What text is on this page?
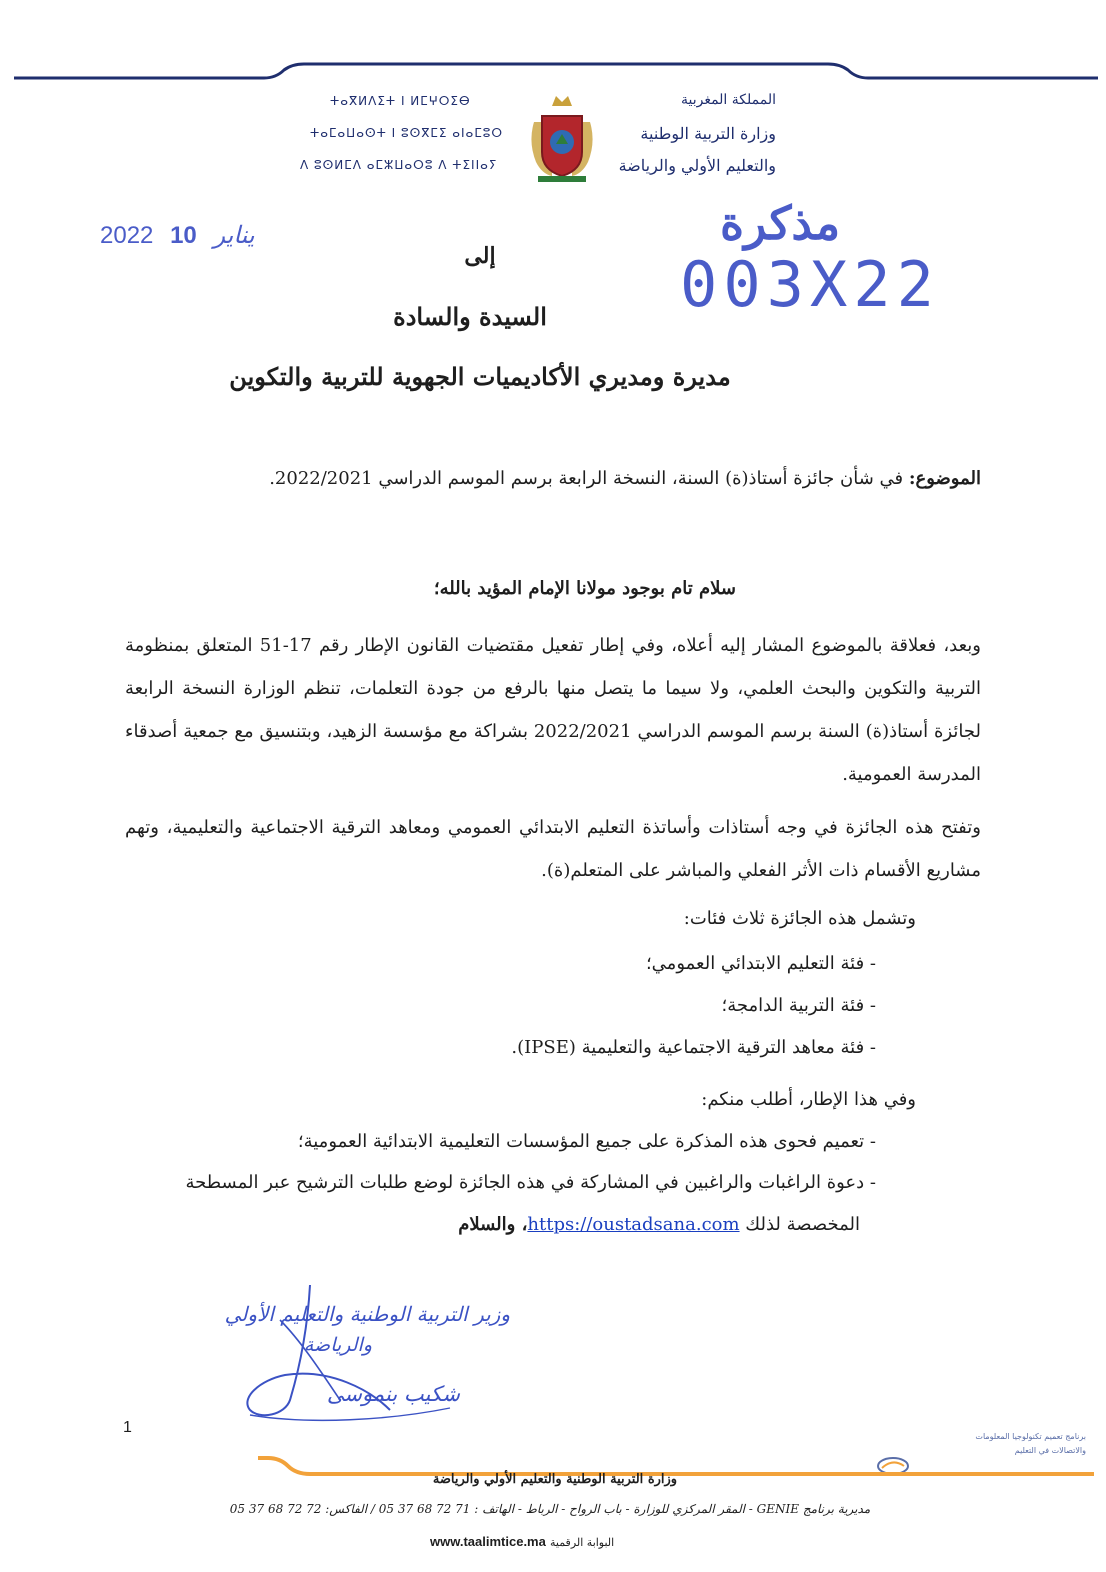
المملكة المغربية
وزارة التربية الوطنية
والتعليم الأولي والرياضة
ⵜⴰⴳⵍⴷⵉⵜ ⵏ ⵍⵎⵖⵔⵉⴱ
ⵜⴰⵎⴰⵡⴰⵙⵜ ⵏ ⵓⵙⴳⵎⵉ ⴰⵏⴰⵎⵓⵔ
ⴷ ⵓⵙⵍⵎⴷ ⴰⵎⵣⵡⴰⵔⵓ ⴷ ⵜⵉⵏⵏⴰⵢ
مذكرة
003X22
2022	يناير 10
إلى
السيدة والسادة
مديرة ومديري الأكاديميات الجهوية للتربية والتكوين
الموضوع: في شأن جائزة أستاذ(ة) السنة، النسخة الرابعة برسم الموسم الدراسي 2022/2021.
سلام تام بوجود مولانا الإمام المؤيد بالله؛
وبعد، فعلاقة بالموضوع المشار إليه أعلاه، وفي إطار تفعيل مقتضيات القانون الإطار رقم 17-51 المتعلق بمنظومة التربية والتكوين والبحث العلمي، ولا سيما ما يتصل منها بالرفع من جودة التعلمات، تنظم الوزارة النسخة الرابعة لجائزة أستاذ(ة) السنة برسم الموسم الدراسي 2022/2021 بشراكة مع مؤسسة الزهيد، وبتنسيق مع جمعية أصدقاء المدرسة العمومية.
وتفتح هذه الجائزة في وجه أستاذات وأساتذة التعليم الابتدائي العمومي ومعاهد الترقية الاجتماعية والتعليمية، وتهم مشاريع الأقسام ذات الأثر الفعلي والمباشر على المتعلم(ة).
وتشمل هذه الجائزة ثلاث فئات:
- فئة التعليم الابتدائي العمومي؛
- فئة التربية الدامجة؛
- فئة معاهد الترقية الاجتماعية والتعليمية (IPSE).
وفي هذا الإطار، أطلب منكم:
- تعميم فحوى هذه المذكرة على جميع المؤسسات التعليمية الابتدائية العمومية؛
- دعوة الراغبات والراغبين في المشاركة في هذه الجائزة لوضع طلبات الترشيح عبر المسطحة
المخصصة لذلك https://oustadsana.com، والسلام
وزير التربية الوطنية والتعليم الأولي
والرياضة
شكيب بنموسى
1
برنامج تعميم تكنولوجيا المعلومات
والاتصالات في التعليم
وزارة التربية الوطنية والتعليم الأولي والرياضة
مديرية برنامج GENIE - المقر المركزي للوزارة - باب الرواح - الرباط - الهاتف : 71 72 68 37 05 / الفاكس: 72 72 68 37 05
البوابة الرقمية www.taalimtice.ma
